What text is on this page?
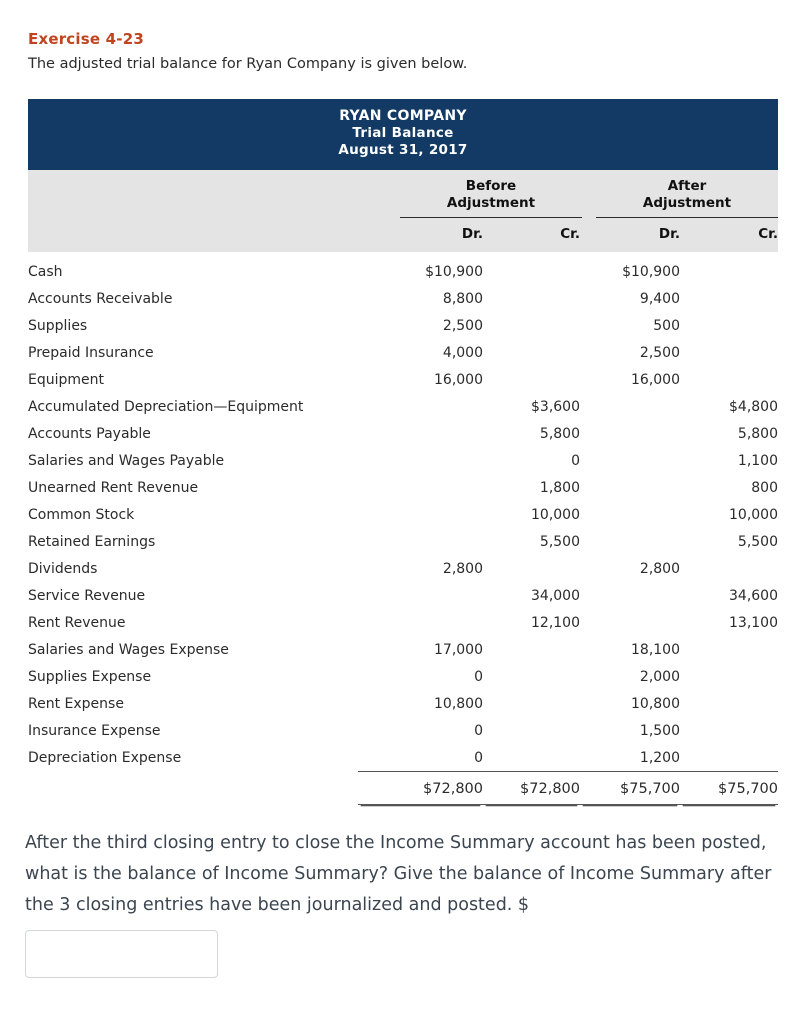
Exercise 4-23
The adjusted trial balance for Ryan Company is given below.
RYAN COMPANY
Trial Balance
August 31, 2017
Before
Adjustment
After
Adjustment
Dr.	Cr.	Dr.	Cr.
Cash	$10,900		$10,900	
Accounts Receivable	8,800		9,400	
Supplies	2,500		500	
Prepaid Insurance	4,000		2,500	
Equipment	16,000		16,000	
Accumulated Depreciation—Equipment		$3,600		$4,800
Accounts Payable		5,800		5,800
Salaries and Wages Payable		0		1,100
Unearned Rent Revenue		1,800		800
Common Stock		10,000		10,000
Retained Earnings		5,500		5,500
Dividends	2,800		2,800	
Service Revenue		34,000		34,600
Rent Revenue		12,100		13,100
Salaries and Wages Expense	17,000		18,100	
Supplies Expense	0		2,000	
Rent Expense	10,800		10,800	
Insurance Expense	0		1,500	
Depreciation Expense	0		1,200	
	$72,800	$72,800	$75,700	$75,700
After the third closing entry to close the Income Summary account has been posted, what is the balance of Income Summary? Give the balance of Income Summary after the 3 closing entries have been journalized and posted. $
